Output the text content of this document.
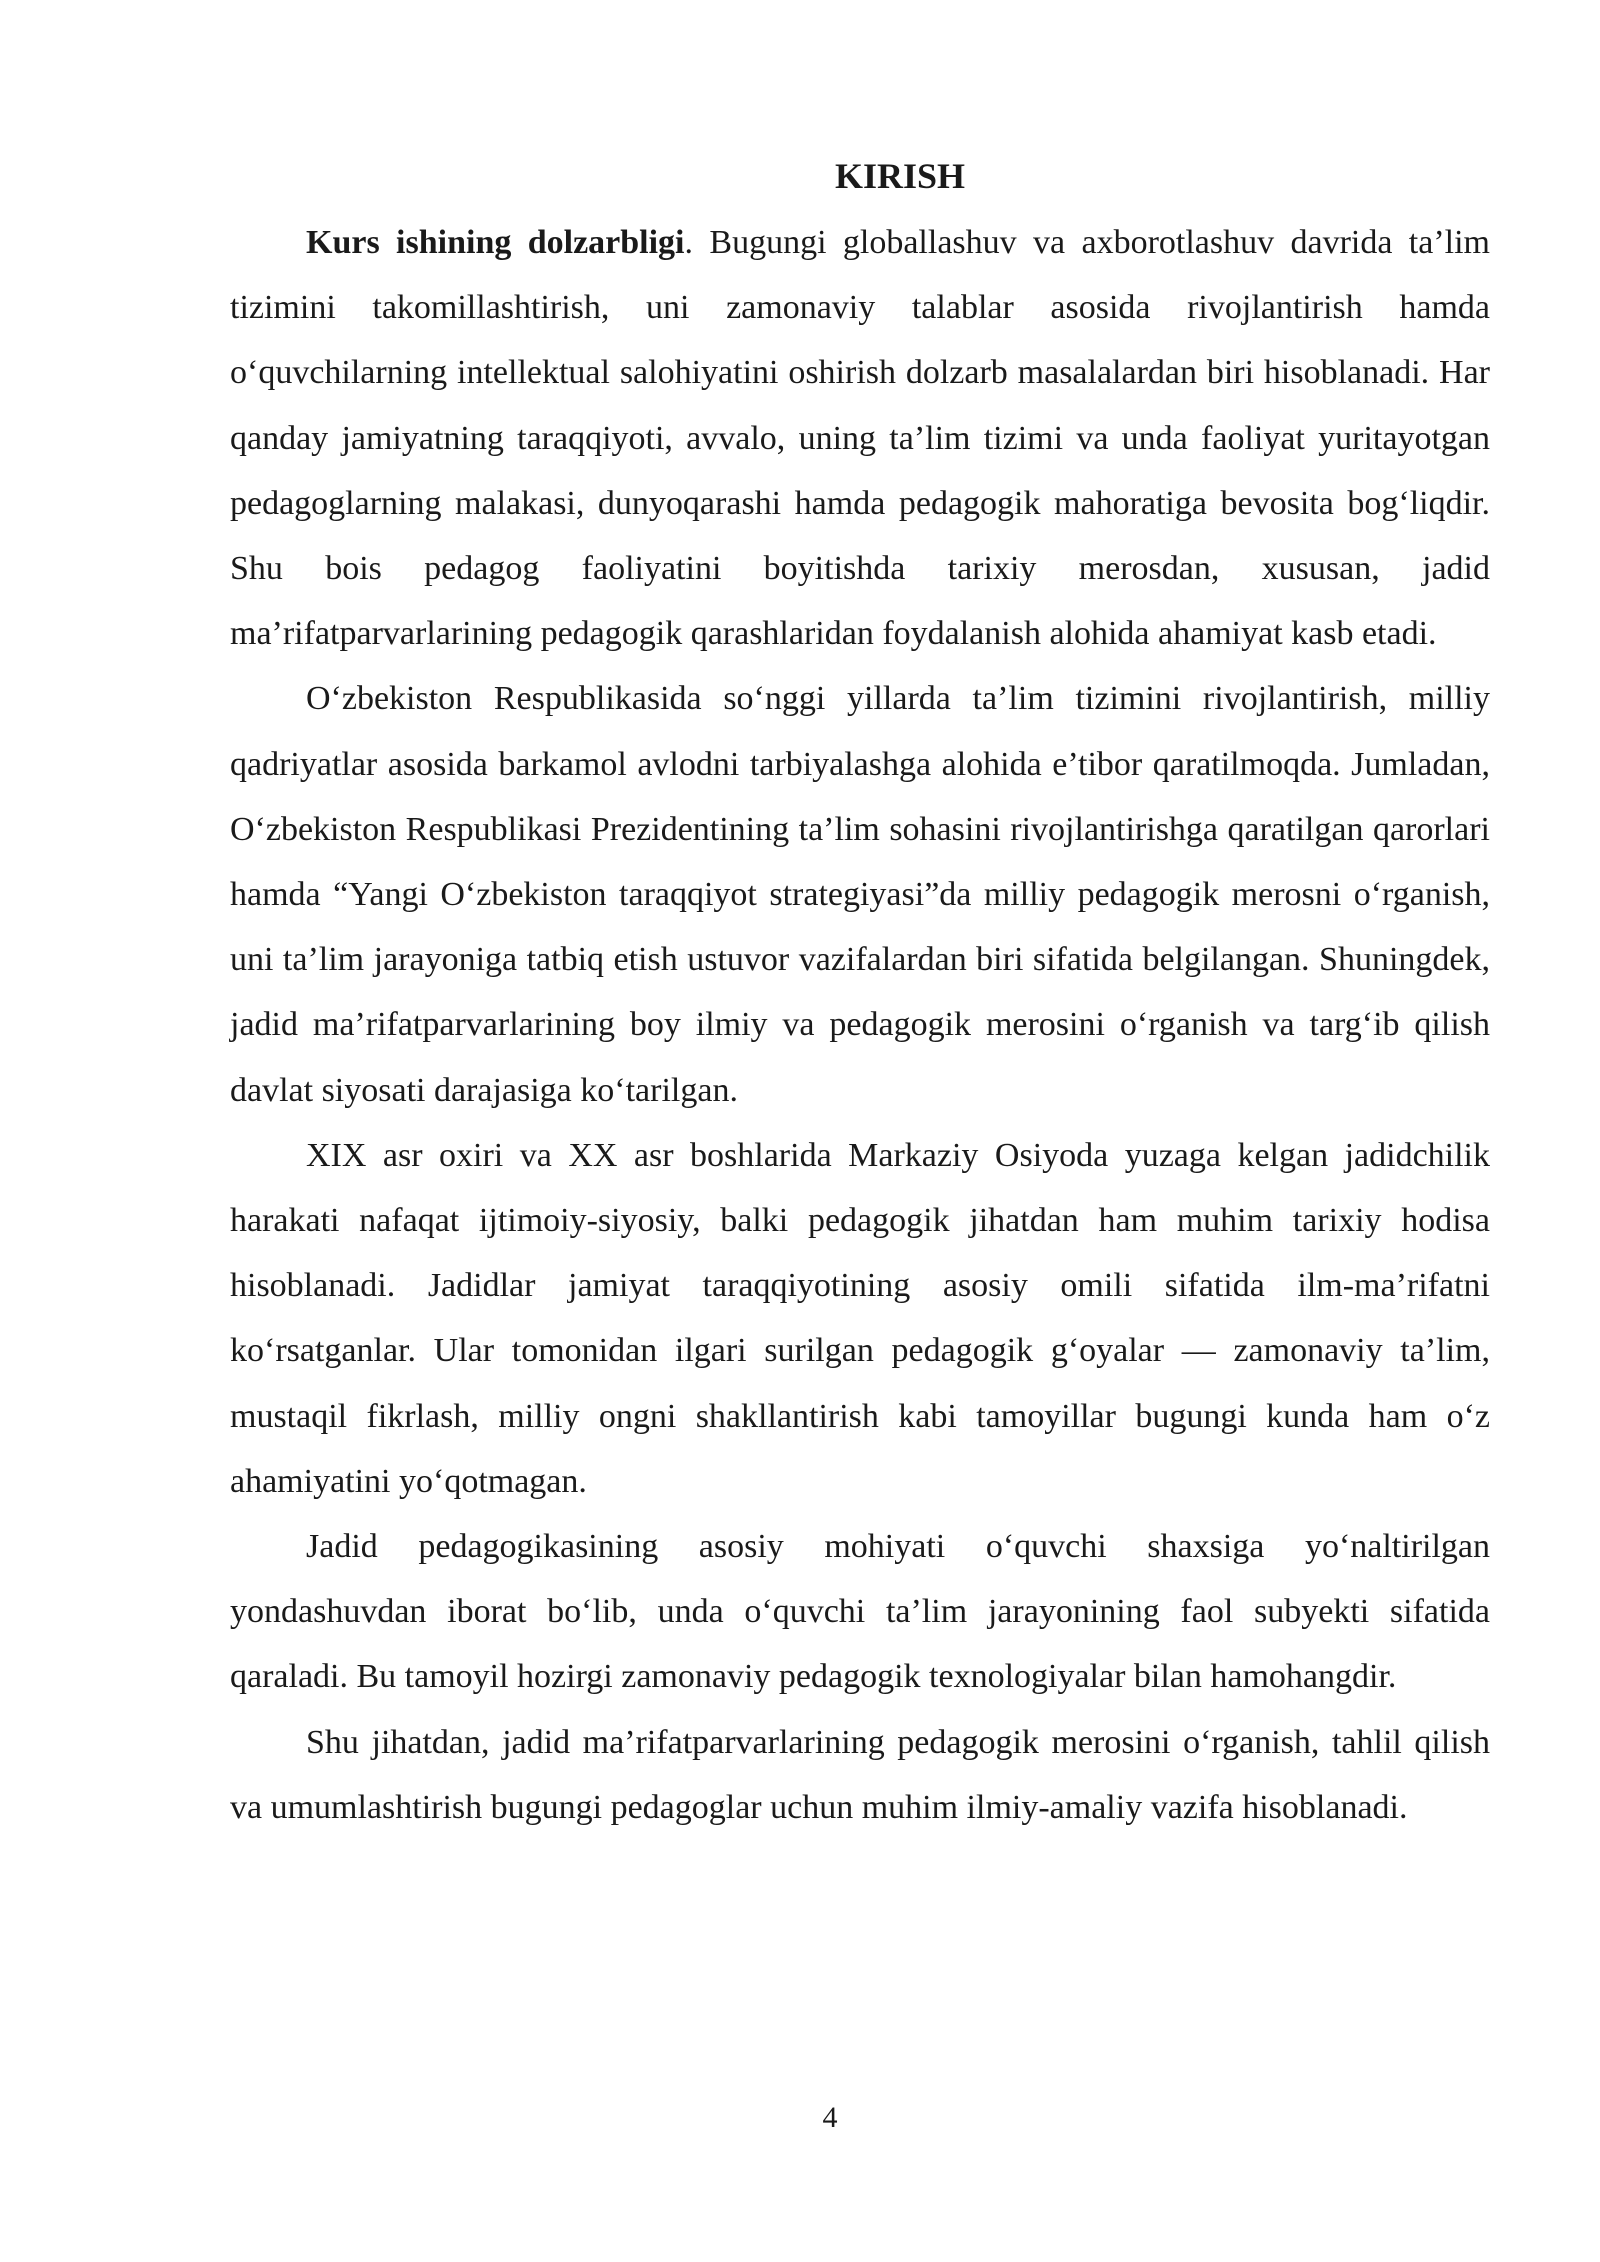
KIRISH

Kurs ishining dolzarbligi. Bugungi globallashuv va axborotlashuv davrida ta’lim tizimini takomillashtirish, uni zamonaviy talablar asosida rivojlantirish hamda o‘quvchilarning intellektual salohiyatini oshirish dolzarb masalalardan biri hisoblanadi. Har qanday jamiyatning taraqqiyoti, avvalo, uning ta’lim tizimi va unda faoliyat yuritayotgan pedagoglarning malakasi, dunyoqarashi hamda pedagogik mahoratiga bevosita bog‘liqdir. Shu bois pedagog faoliyatini boyitishda tarixiy merosdan, xususan, jadid ma’rifatparvarlarining pedagogik qarashlaridan foydalanish alohida ahamiyat kasb etadi.

O‘zbekiston Respublikasida so‘nggi yillarda ta’lim tizimini rivojlantirish, milliy qadriyatlar asosida barkamol avlodni tarbiyalashga alohida e’tibor qaratilmoqda. Jumladan, O‘zbekiston Respublikasi Prezidentining ta’lim sohasini rivojlantirishga qaratilgan qarorlari hamda “Yangi O‘zbekiston taraqqiyot strategiyasi”da milliy pedagogik merosni o‘rganish, uni ta’lim jarayoniga tatbiq etish ustuvor vazifalardan biri sifatida belgilangan. Shuningdek, jadid ma’rifatparvarlarining boy ilmiy va pedagogik merosini o‘rganish va targ‘ib qilish davlat siyosati darajasiga ko‘tarilgan.

XIX asr oxiri va XX asr boshlarida Markaziy Osiyoda yuzaga kelgan jadidchilik harakati nafaqat ijtimoiy-siyosiy, balki pedagogik jihatdan ham muhim tarixiy hodisa hisoblanadi. Jadidlar jamiyat taraqqiyotining asosiy omili sifatida ilm-ma’rifatni ko‘rsatganlar. Ular tomonidan ilgari surilgan pedagogik g‘oyalar — zamonaviy ta’lim, mustaqil fikrlash, milliy ongni shakllantirish kabi tamoyillar bugungi kunda ham o‘z ahamiyatini yo‘qotmagan.

Jadid pedagogikasining asosiy mohiyati o‘quvchi shaxsiga yo‘naltirilgan yondashuvdan iborat bo‘lib, unda o‘quvchi ta’lim jarayonining faol subyekti sifatida qaraladi. Bu tamoyil hozirgi zamonaviy pedagogik texnologiyalar bilan hamohangdir.

Shu jihatdan, jadid ma’rifatparvarlarining pedagogik merosini o‘rganish, tahlil qilish va umumlashtirish bugungi pedagoglar uchun muhim ilmiy-amaliy vazifa hisoblanadi.

4
